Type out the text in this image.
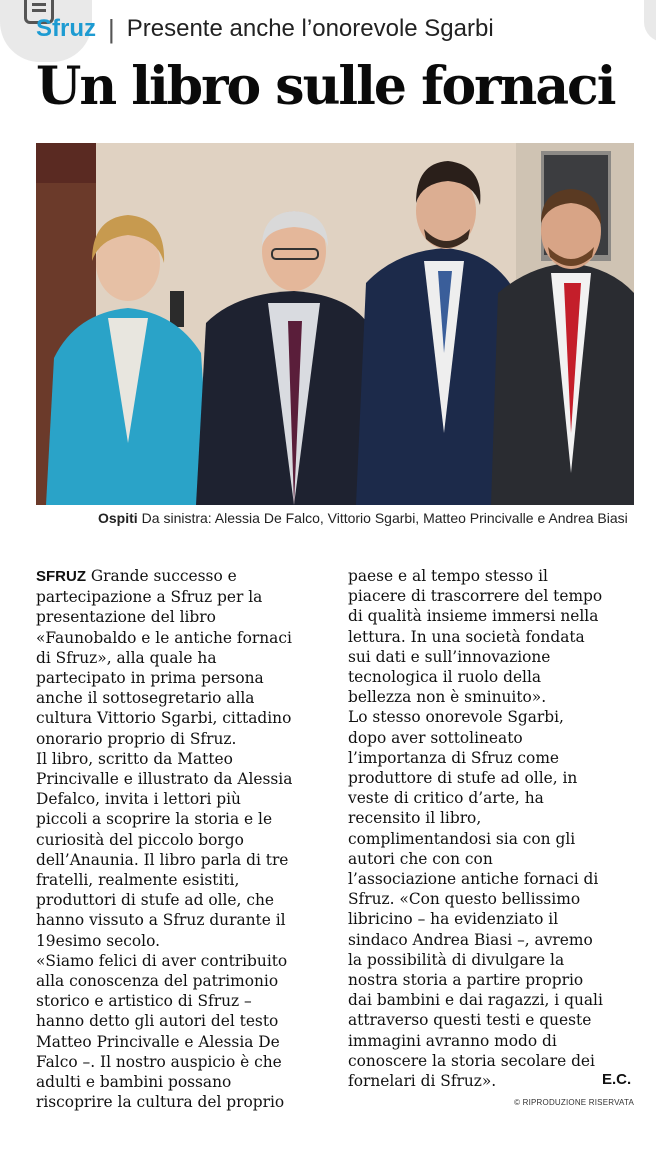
Sfruz | Presente anche l’onorevole Sgarbi
Un libro sulle fornaci
Ospiti Da sinistra: Alessia De Falco, Vittorio Sgarbi, Matteo Princivalle e Andrea Biasi

SFRUZ Grande successo e

partecipazione a Sfruz per la

presentazione del libro

«Faunobaldo e le antiche fornaci

di Sfruz», alla quale ha

partecipato in prima persona

anche il sottosegretario alla

cultura Vittorio Sgarbi, cittadino

onorario proprio di Sfruz.

Il libro, scritto da Matteo

Princivalle e illustrato da Alessia

Defalco, invita i lettori più

piccoli a scoprire la storia e le

curiosità del piccolo borgo

dell’Anaunia. Il libro parla di tre

fratelli, realmente esistiti,

produttori di stufe ad olle, che

hanno vissuto a Sfruz durante il

19esimo secolo.

«Siamo felici di aver contribuito

alla conoscenza del patrimonio

storico e artistico di Sfruz –

hanno detto gli autori del testo

Matteo Princivalle e Alessia De

Falco –. Il nostro auspicio è che

adulti e bambini possano

riscoprire la cultura del proprio

paese e al tempo stesso il

piacere di trascorrere del tempo

di qualità insieme immersi nella

lettura. In una società fondata

sui dati e sull’innovazione

tecnologica il ruolo della

bellezza non è sminuito».

Lo stesso onorevole Sgarbi,

dopo aver sottolineato

l’importanza di Sfruz come

produttore di stufe ad olle, in

veste di critico d’arte, ha

recensito il libro,

complimentandosi sia con gli

autori che con con

l’associazione antiche fornaci di

Sfruz. «Con questo bellissimo

libricino – ha evidenziato il

sindaco Andrea Biasi –, avremo

la possibilità di divulgare la

nostra storia a partire proprio

dai bambini e dai ragazzi, i quali

attraverso questi testi e queste

immagini avranno modo di

conoscere la storia secolare dei

fornelari di Sfruz».	E.C.
© RIPRODUZIONE RISERVATA
